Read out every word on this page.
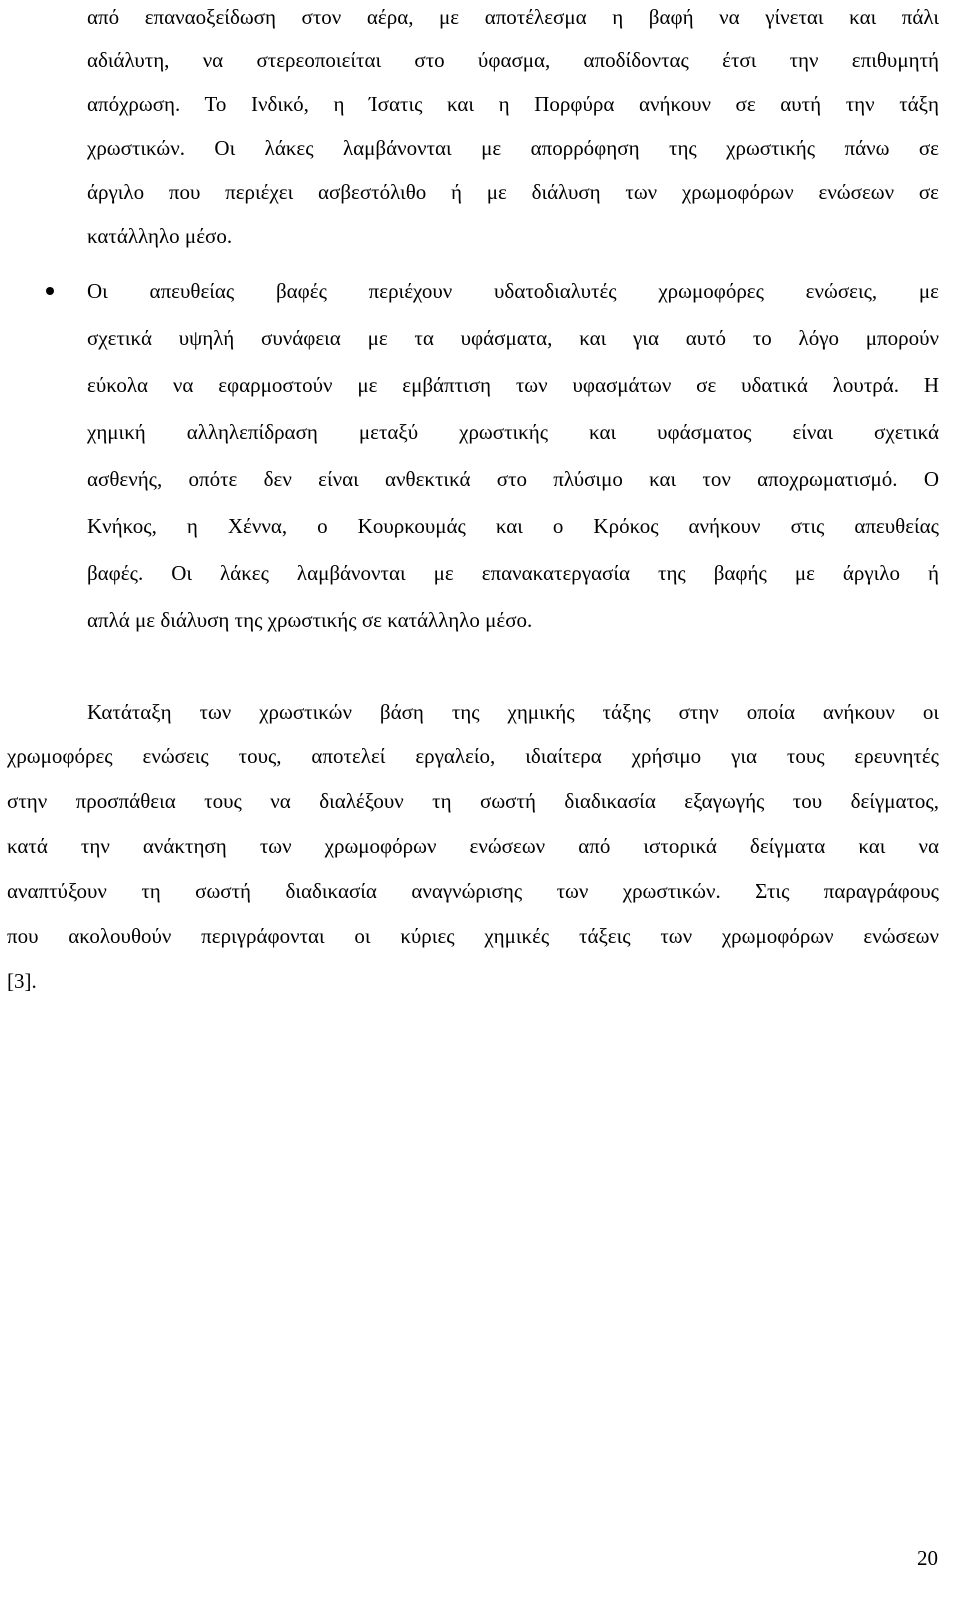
από επαναοξείδωση στον αέρα, με αποτέλεσμα η βαφή να γίνεται και πάλι
αδιάλυτη, να στερεοποιείται στο ύφασμα, αποδίδοντας έτσι την επιθυμητή
απόχρωση. Το Ινδικό, η Ίσατις και η Πορφύρα ανήκουν σε αυτή την τάξη
χρωστικών. Οι λάκες λαμβάνονται με απορρόφηση της χρωστικής πάνω σε
άργιλο που περιέχει ασβεστόλιθο ή με διάλυση των χρωμοφόρων ενώσεων σε
κατάλληλο μέσο.
Οι απευθείας βαφές περιέχουν υδατοδιαλυτές χρωμοφόρες ενώσεις, με
σχετικά υψηλή συνάφεια με τα υφάσματα, και για αυτό το λόγο μπορούν
εύκολα να εφαρμοστούν με εμβάπτιση των υφασμάτων σε υδατικά λουτρά. Η
χημική αλληλεπίδραση μεταξύ χρωστικής και υφάσματος είναι σχετικά
ασθενής, οπότε δεν είναι ανθεκτικά στο πλύσιμο και τον αποχρωματισμό. Ο
Κνήκος, η Χέννα, ο Κουρκουμάς και ο Κρόκος ανήκουν στις απευθείας
βαφές. Οι λάκες λαμβάνονται με επανακατεργασία της βαφής με άργιλο ή
απλά με διάλυση της χρωστικής σε κατάλληλο μέσο.
Κατάταξη των χρωστικών βάση της χημικής τάξης στην οποία ανήκουν οι
χρωμοφόρες ενώσεις τους, αποτελεί εργαλείο, ιδιαίτερα χρήσιμο για τους ερευνητές
στην προσπάθεια τους να διαλέξουν τη σωστή διαδικασία εξαγωγής του δείγματος,
κατά την ανάκτηση των χρωμοφόρων ενώσεων από ιστορικά δείγματα και να
αναπτύξουν τη σωστή διαδικασία αναγνώρισης των χρωστικών. Στις παραγράφους
που ακολουθούν περιγράφονται οι κύριες χημικές τάξεις των χρωμοφόρων ενώσεων
[3].
20
